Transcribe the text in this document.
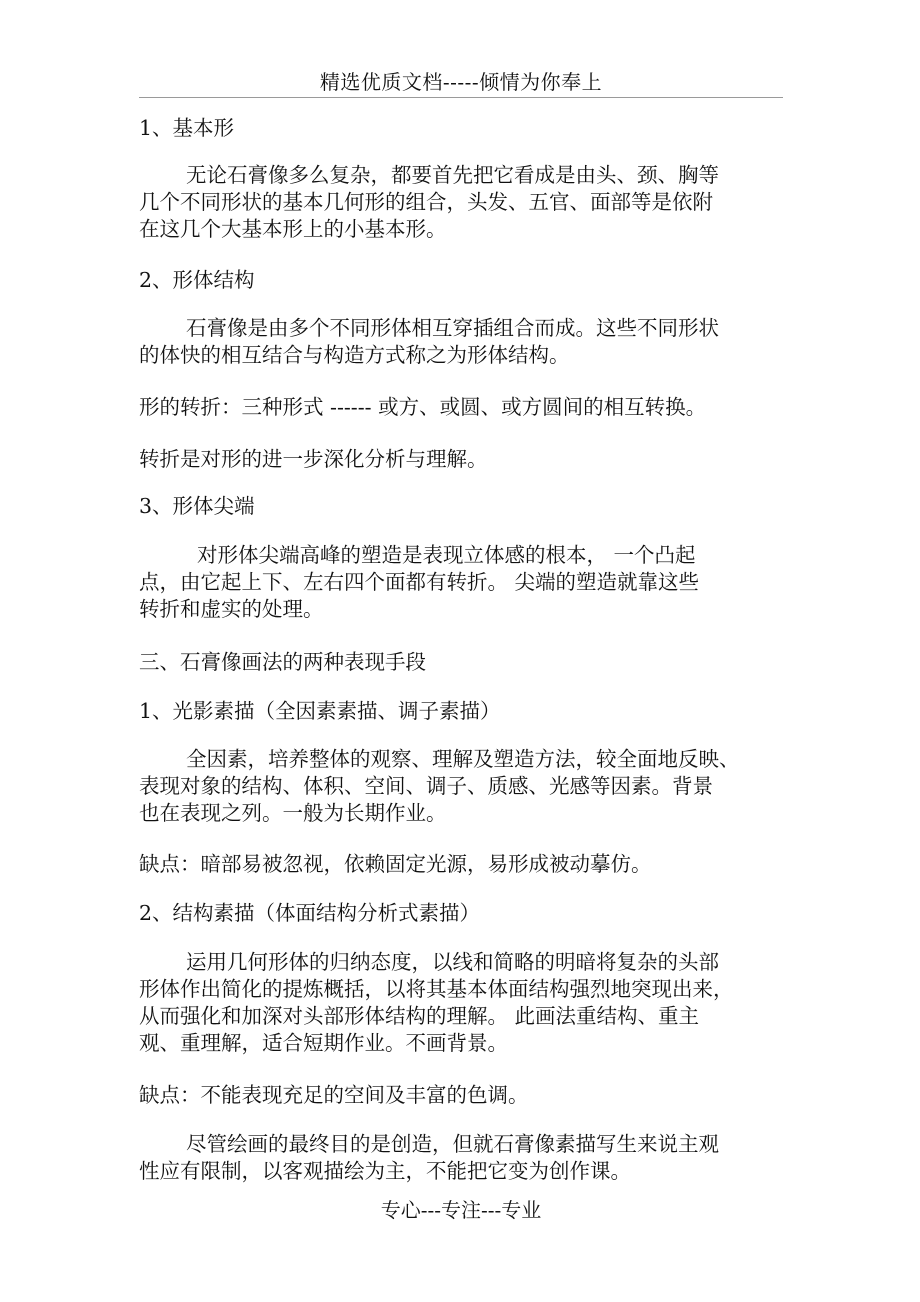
精选优质文档-----倾情为你奉上
1、基本形
无论石膏像多么复杂，都要首先把它看成是由头、颈、胸等
几个不同形状的基本几何形的组合，头发、五官、面部等是依附
在这几个大基本形上的小基本形。
2、形体结构
石膏像是由多个不同形体相互穿插组合而成。这些不同形状
的体快的相互结合与构造方式称之为形体结构。
形的转折：三种形式 ------ 或方、或圆、或方圆间的相互转换。
转折是对形的进一步深化分析与理解。
3、形体尖端
对形体尖端高峰的塑造是表现立体感的根本， 一个凸起
点，由它起上下、左右四个面都有转折。 尖端的塑造就靠这些
转折和虚实的处理。
三、石膏像画法的两种表现手段
1、光影素描（全因素素描、调子素描）
全因素，培养整体的观察、理解及塑造方法，较全面地反映、
表现对象的结构、体积、空间、调子、质感、光感等因素。背景
也在表现之列。一般为长期作业。
缺点：暗部易被忽视，依赖固定光源，易形成被动摹仿。
2、结构素描（体面结构分析式素描）
运用几何形体的归纳态度，以线和简略的明暗将复杂的头部
形体作出简化的提炼概括，以将其基本体面结构强烈地突现出来，
从而强化和加深对头部形体结构的理解。 此画法重结构、重主
观、重理解，适合短期作业。不画背景。
缺点：不能表现充足的空间及丰富的色调。
尽管绘画的最终目的是创造，但就石膏像素描写生来说主观
性应有限制，以客观描绘为主，不能把它变为创作课。
专心---专注---专业
